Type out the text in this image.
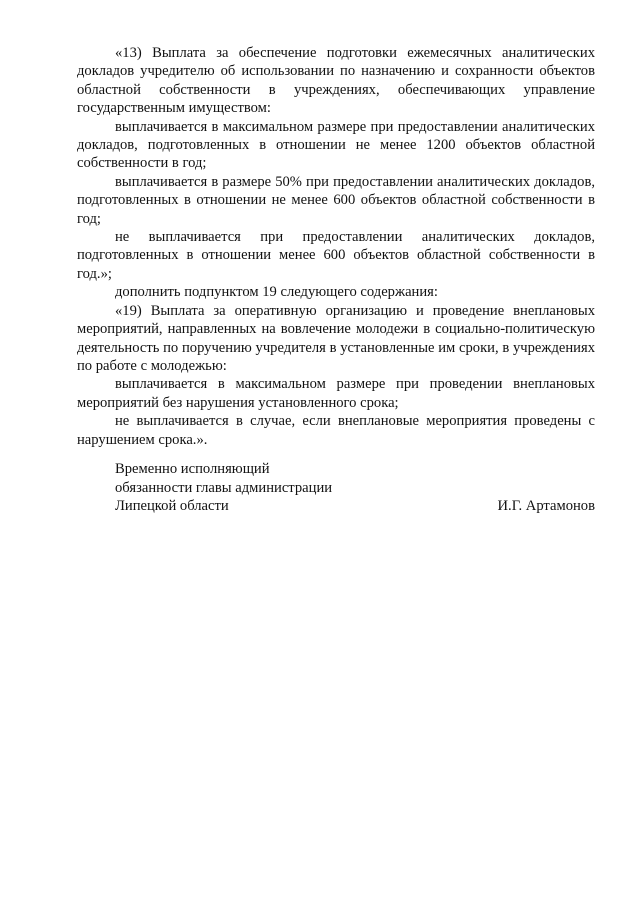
«13) Выплата за обеспечение подготовки ежемесячных аналитических докладов учредителю об использовании по назначению и сохранности объектов областной собственности в учреждениях, обеспечивающих управление государственным имуществом:

выплачивается в максимальном размере при предоставлении аналитических докладов, подготовленных в отношении не менее 1200 объектов областной собственности в год;

выплачивается в размере 50% при предоставлении аналитических докладов, подготовленных в отношении не менее 600 объектов областной собственности в год;

не выплачивается при предоставлении аналитических докладов, подготовленных в отношении менее 600 объектов областной собственности в год.»;

дополнить подпунктом 19 следующего содержания:

«19) Выплата за оперативную организацию и проведение внеплановых мероприятий, направленных на вовлечение молодежи в социально-политическую деятельность по поручению учредителя в установленные им сроки, в учреждениях по работе с молодежью:

выплачивается в максимальном размере при проведении внеплановых мероприятий без нарушения установленного срока;

не выплачивается в случае, если внеплановые мероприятия проведены с нарушением срока.».

Временно исполняющий
обязанности главы администрации
Липецкой области	И.Г. Артамонов
